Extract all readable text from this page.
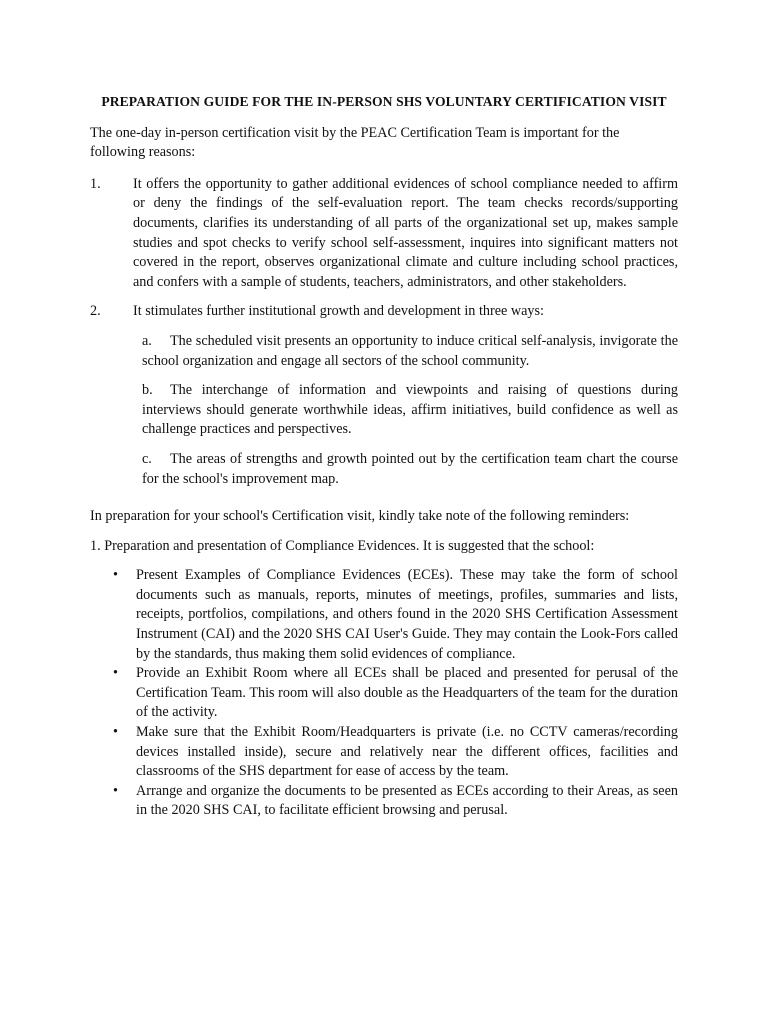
PREPARATION GUIDE FOR THE IN-PERSON SHS VOLUNTARY CERTIFICATION VISIT

The one-day in-person certification visit by the PEAC Certification Team is important for the following reasons:

1. It offers the opportunity to gather additional evidences of school compliance needed to affirm or deny the findings of the self-evaluation report. The team checks records/supporting documents, clarifies its understanding of all parts of the organizational set up, makes sample studies and spot checks to verify school self-assessment, inquires into significant matters not covered in the report, observes organizational climate and culture including school practices, and confers with a sample of students, teachers, administrators, and other stakeholders.

2. It stimulates further institutional growth and development in three ways:

a. The scheduled visit presents an opportunity to induce critical self-analysis, invigorate the school organization and engage all sectors of the school community.

b. The interchange of information and viewpoints and raising of questions during interviews should generate worthwhile ideas, affirm initiatives, build confidence as well as challenge practices and perspectives.

c. The areas of strengths and growth pointed out by the certification team chart the course for the school's improvement map.

In preparation for your school's Certification visit, kindly take note of the following reminders:

1. Preparation and presentation of Compliance Evidences. It is suggested that the school:

• Present Examples of Compliance Evidences (ECEs). These may take the form of school documents such as manuals, reports, minutes of meetings, profiles, summaries and lists, receipts, portfolios, compilations, and others found in the 2020 SHS Certification Assessment Instrument (CAI) and the 2020 SHS CAI User's Guide. They may contain the Look-Fors called by the standards, thus making them solid evidences of compliance.

• Provide an Exhibit Room where all ECEs shall be placed and presented for perusal of the Certification Team. This room will also double as the Headquarters of the team for the duration of the activity.

• Make sure that the Exhibit Room/Headquarters is private (i.e. no CCTV cameras/recording devices installed inside), secure and relatively near the different offices, facilities and classrooms of the SHS department for ease of access by the team.

• Arrange and organize the documents to be presented as ECEs according to their Areas, as seen in the 2020 SHS CAI, to facilitate efficient browsing and perusal.
